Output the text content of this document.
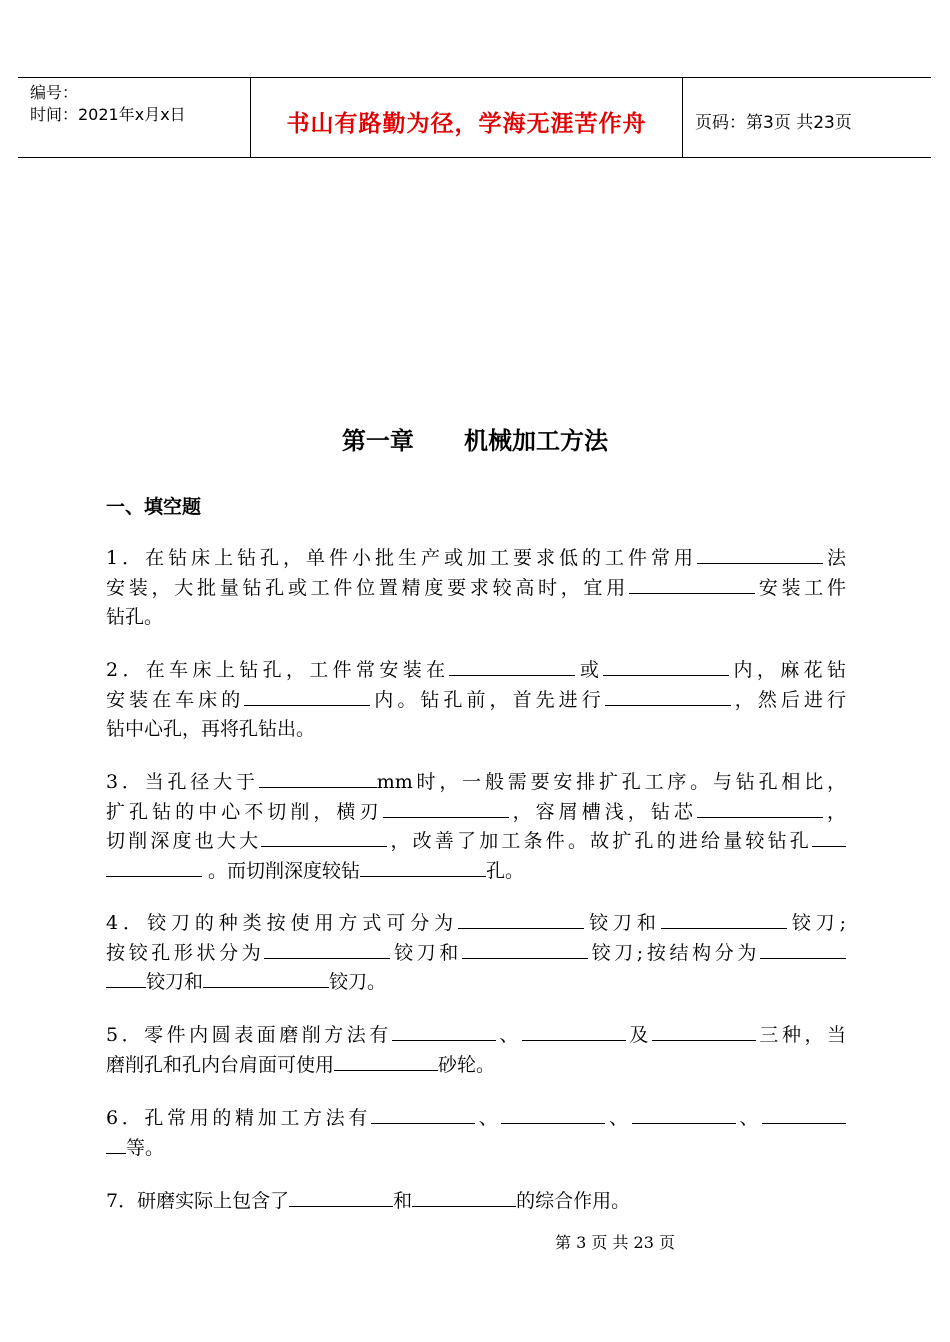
编号：
时间：2021年x月x日	书山有路勤为径，学海无涯苦作舟	页码：第3页 共23页
第一章      机械加工方法
一、填空题
1．在钻床上钻孔，单件小批生产或加工要求低的工件常用	法
安装，大批量钻孔或工件位置精度要求较高时，宜用	安装工件
钻孔。
2．在车床上钻孔，工件常安装在	或	内，麻花钻
安装在车床的	内。钻孔前，首先进行	，然后进行
钻中心孔，再将孔钻出。
3．当孔径大于	mm时，一般需要安排扩孔工序。与钻孔相比，
扩孔钻的中心不切削，横刃	，容屑槽浅，钻芯	，
切削深度也大大	，改善了加工条件。故扩孔的进给量较钻孔
。而切削深度较钻	孔。
4．铰刀的种类按使用方式可分为	铰刀和	铰刀;
按铰孔形状分为	铰刀和	铰刀;按结构分为
铰刀和	铰刀。
5．零件内圆表面磨削方法有	、	及	三种，当
磨削孔和孔内台肩面可使用	砂轮。
6．孔常用的精加工方法有	、	、	、
等。
7．研磨实际上包含了	和	的综合作用。
第 3 页 共 23 页
